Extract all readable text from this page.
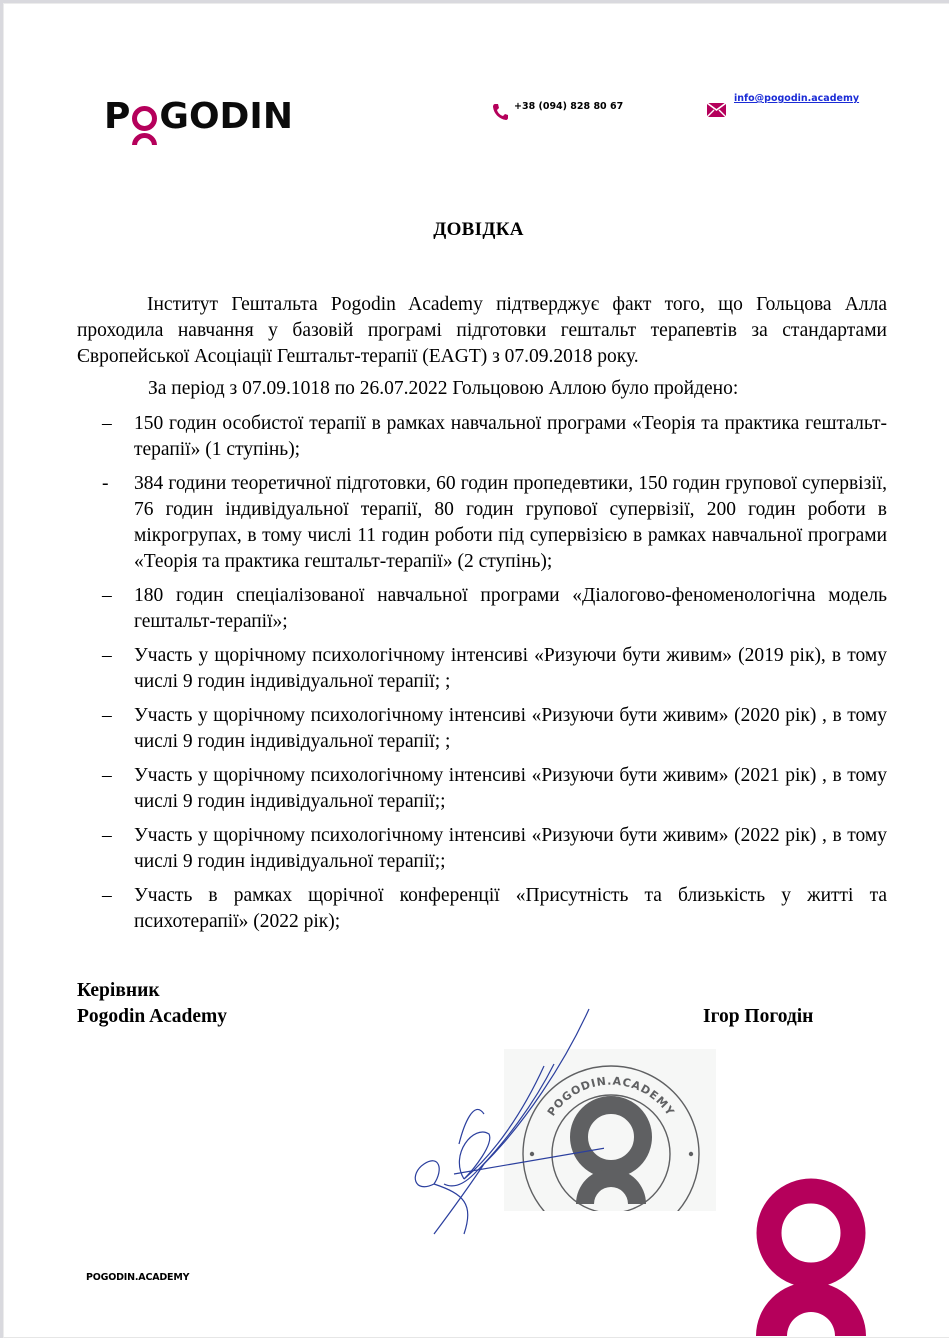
P GODIN	+38 (094) 828 80 67
info@pogodin.academy
ДОВІДКА

Інститут Гештальта Pogodin Academy підтверджує факт того, що Гольцова Алла проходила навчання у базовій програмі підготовки гештальт терапевтів за стандартами Європейської Асоціації Гештальт-терапії (EAGT) з 07.09.2018 року.

За період з 07.09.1018 по 26.07.2022 Гольцовою Аллою було пройдено:

– 150 годин особистої терапії в рамках навчальної програми «Теорія та практика гештальт-терапії» (1 ступінь);
- 384 години теоретичної підготовки, 60 годин пропедевтики, 150 годин групової супервізії, 76 годин індивідуальної терапії, 80 годин групової супервізії, 200 годин роботи в мікрогрупах, в тому числі 11 годин роботи під супервізією в рамках навчальної програми «Теорія та практика гештальт-терапії» (2 ступінь);
– 180 годин спеціалізованої навчальної програми «Діалогово-феноменологічна модель гештальт-терапії»;
– Участь у щорічному психологічному інтенсиві «Ризуючи бути живим» (2019 рік), в тому числі 9 годин індивідуальної терапії; ;
– Участь у щорічному психологічному інтенсиві «Ризуючи бути живим» (2020 рік) , в тому числі 9 годин індивідуальної терапії; ;
– Участь у щорічному психологічному інтенсиві «Ризуючи бути живим» (2021 рік) , в тому числі 9 годин індивідуальної терапії;;
– Участь у щорічному психологічному інтенсиві «Ризуючи бути живим» (2022 рік) , в тому числі 9 годин індивідуальної терапії;;
– Участь в рамках щорічної конференції «Присутність та близькість у житті та психотерапії» (2022 рік);
Керівник
Pogodin Academy	Ігор Погодін
POGODIN.ACADEMY
POGODIN.ACADEMY
